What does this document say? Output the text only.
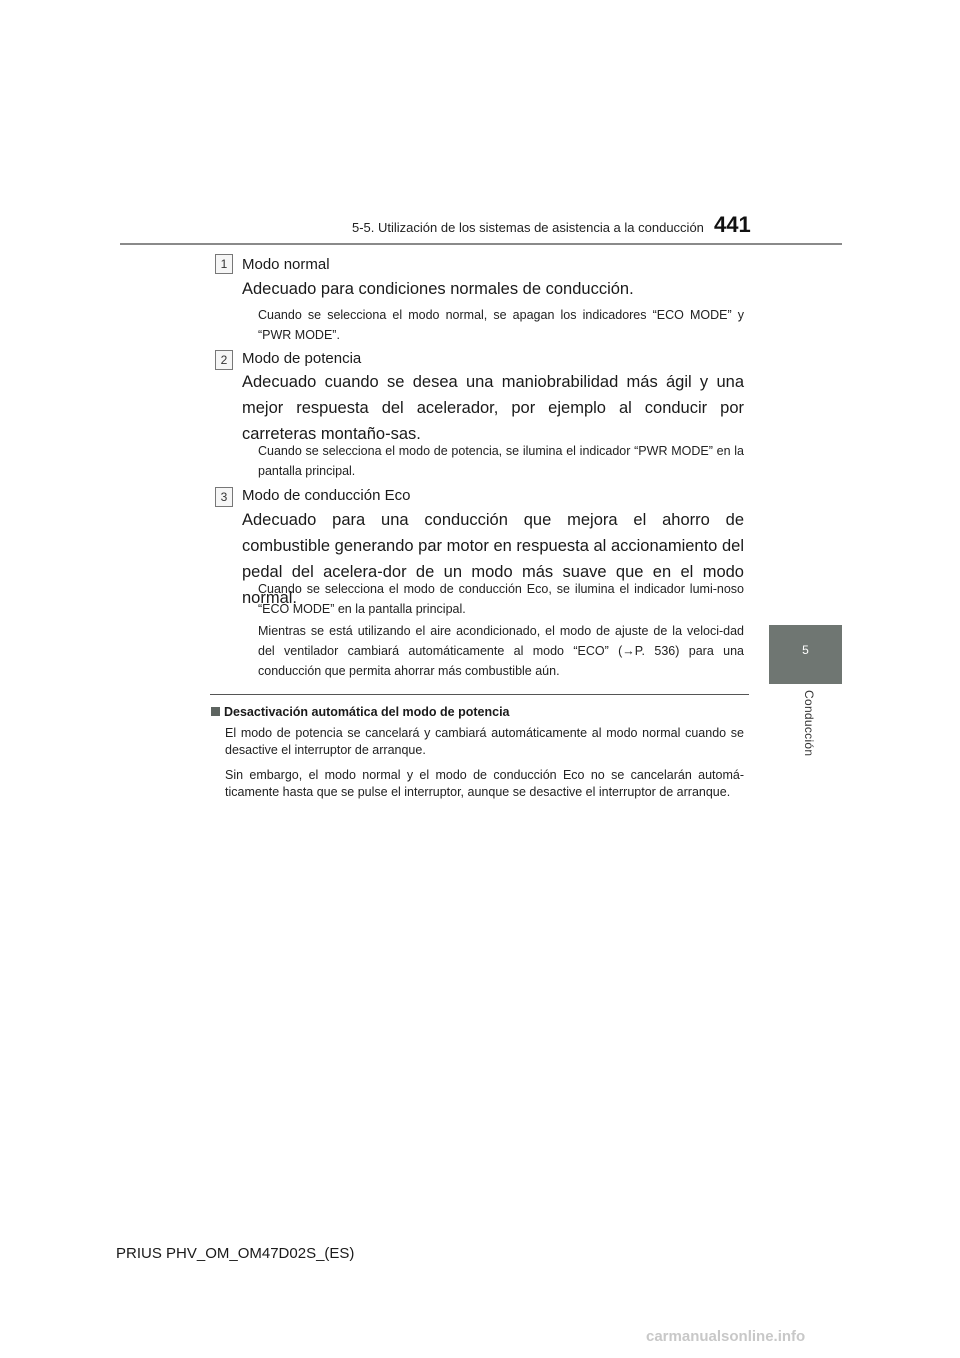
5-5. Utilización de los sistemas de asistencia a la conducción 441
5
Conducción
1 Modo normal
Adecuado para condiciones normales de conducción.
Cuando se selecciona el modo normal, se apagan los indicadores “ECO MODE” y “PWR MODE”.
2 Modo de potencia
Adecuado cuando se desea una maniobrabilidad más ágil y una mejor respuesta del acelerador, por ejemplo al conducir por carreteras montaño-sas.
Cuando se selecciona el modo de potencia, se ilumina el indicador “PWR MODE” en la pantalla principal.
3 Modo de conducción Eco
Adecuado para una conducción que mejora el ahorro de combustible generando par motor en respuesta al accionamiento del pedal del acelera-dor de un modo más suave que en el modo normal.
Cuando se selecciona el modo de conducción Eco, se ilumina el indicador lumi-noso “ECO MODE” en la pantalla principal.
Mientras se está utilizando el aire acondicionado, el modo de ajuste de la veloci-dad del ventilador cambiará automáticamente al modo “ECO” (→P. 536) para una conducción que permita ahorrar más combustible aún.
Desactivación automática del modo de potencia
El modo de potencia se cancelará y cambiará automáticamente al modo normal cuando se desactive el interruptor de arranque.
Sin embargo, el modo normal y el modo de conducción Eco no se cancelarán automá-ticamente hasta que se pulse el interruptor, aunque se desactive el interruptor de arranque.
PRIUS PHV_OM_OM47D02S_(ES)
carmanualsonline.info
